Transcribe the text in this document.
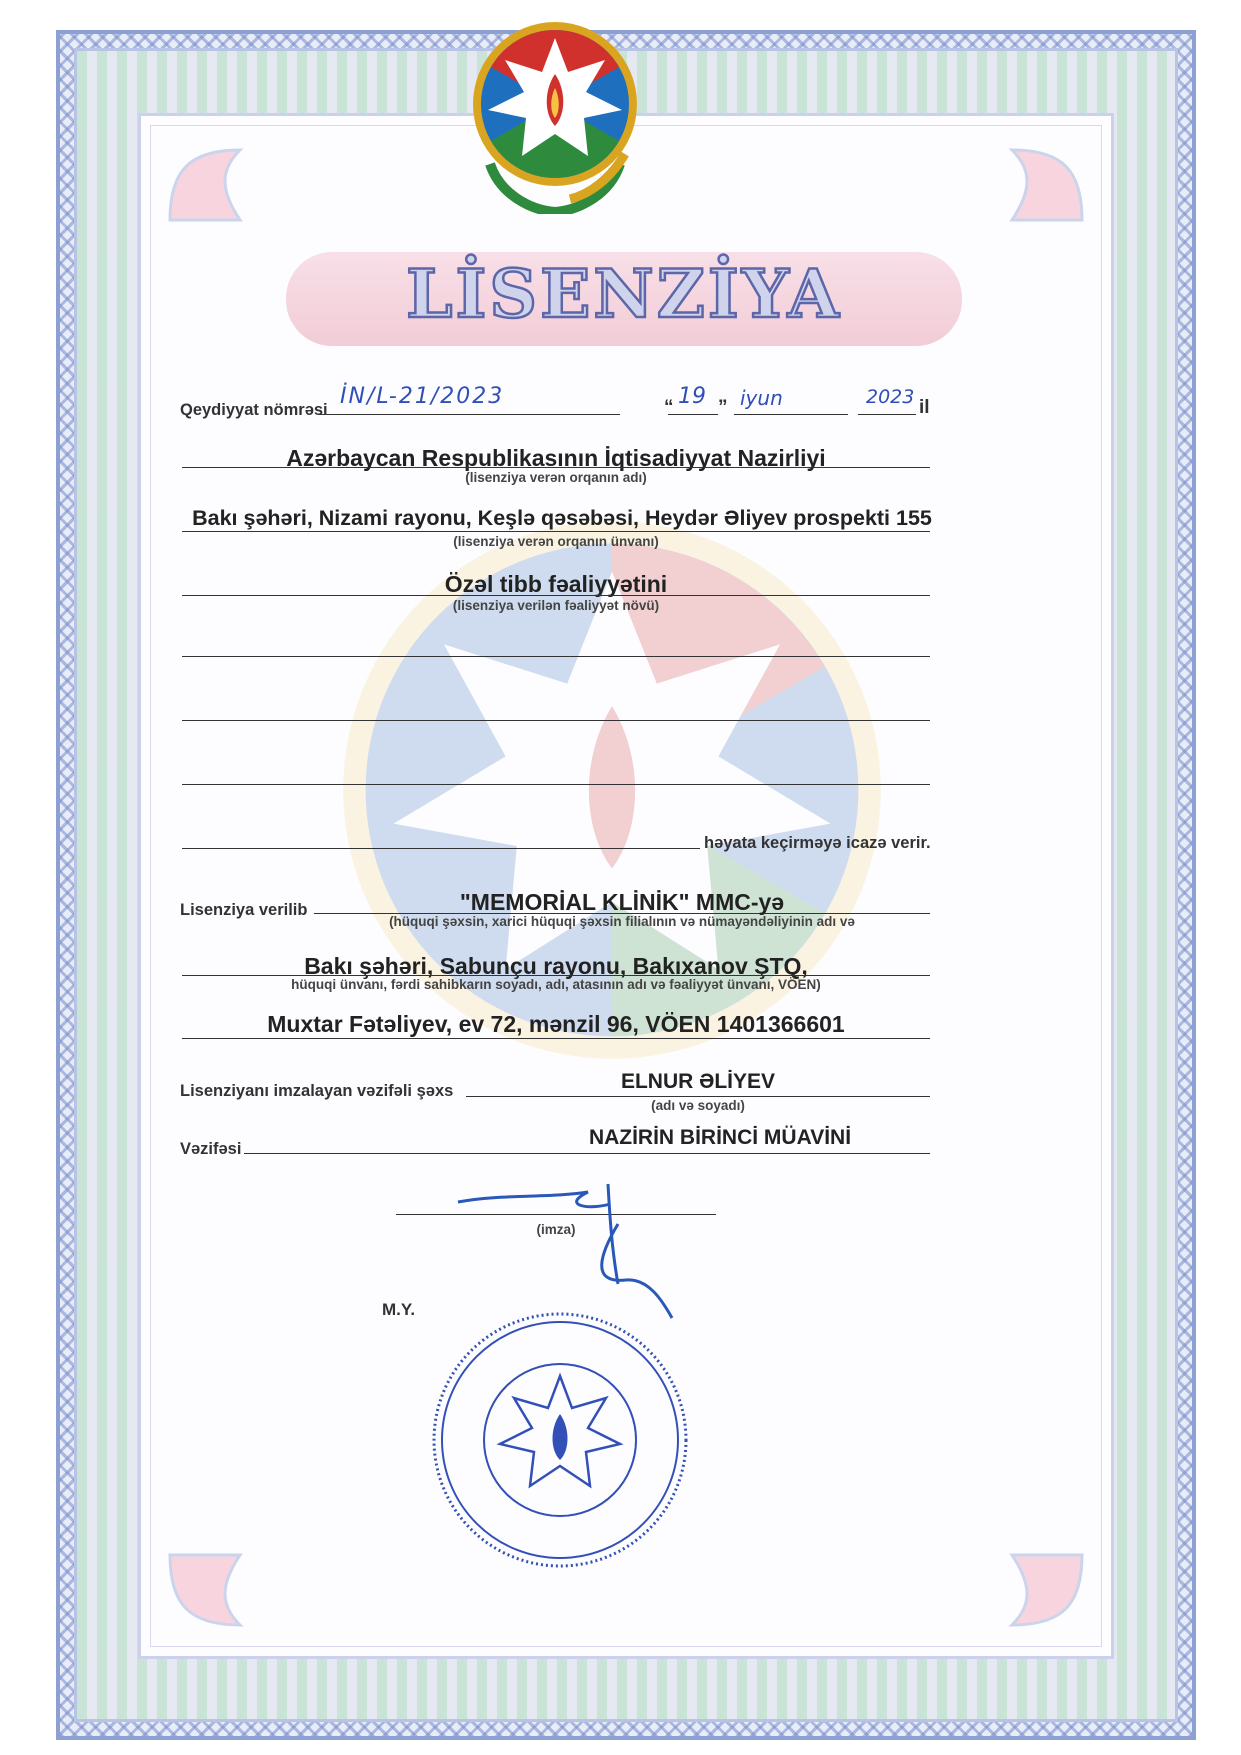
LİSENZİYA
Qeydiyyat nömrəsi
İN/L-21/2023	“ 19 ” iyun	2023 il
Azərbaycan Respublikasının İqtisadiyyat Nazirliyi
(lisenziya verən orqanın adı)
Bakı şəhəri, Nizami rayonu, Keşlə qəsəbəsi, Heydər Əliyev prospekti 155
(lisenziya verən orqanın ünvanı)
Özəl tibb fəaliyyətini
(lisenziya verilən fəaliyyət növü)
həyata keçirməyə icazə verir.
Lisenziya verilib	"MEMORİAL KLİNİK" MMC-yə
(hüquqi şəxsin, xarici hüquqi şəxsin filialının və nümayəndəliyinin adı və
Bakı şəhəri, Sabunçu rayonu, Bakıxanov ŞTQ,
hüquqi ünvanı, fərdi sahibkarın soyadı, adı, atasının adı və fəaliyyət ünvanı, VÖEN)
Muxtar Fətəliyev, ev 72, mənzil 96, VÖEN 1401366601
Lisenziyanı imzalayan vəzifəli şəxs	ELNUR ƏLİYEV
(adı və soyadı)
Vəzifəsi	NAZİRİN BİRİNCİ MÜAVİNİ
(imza)
M.Y.
